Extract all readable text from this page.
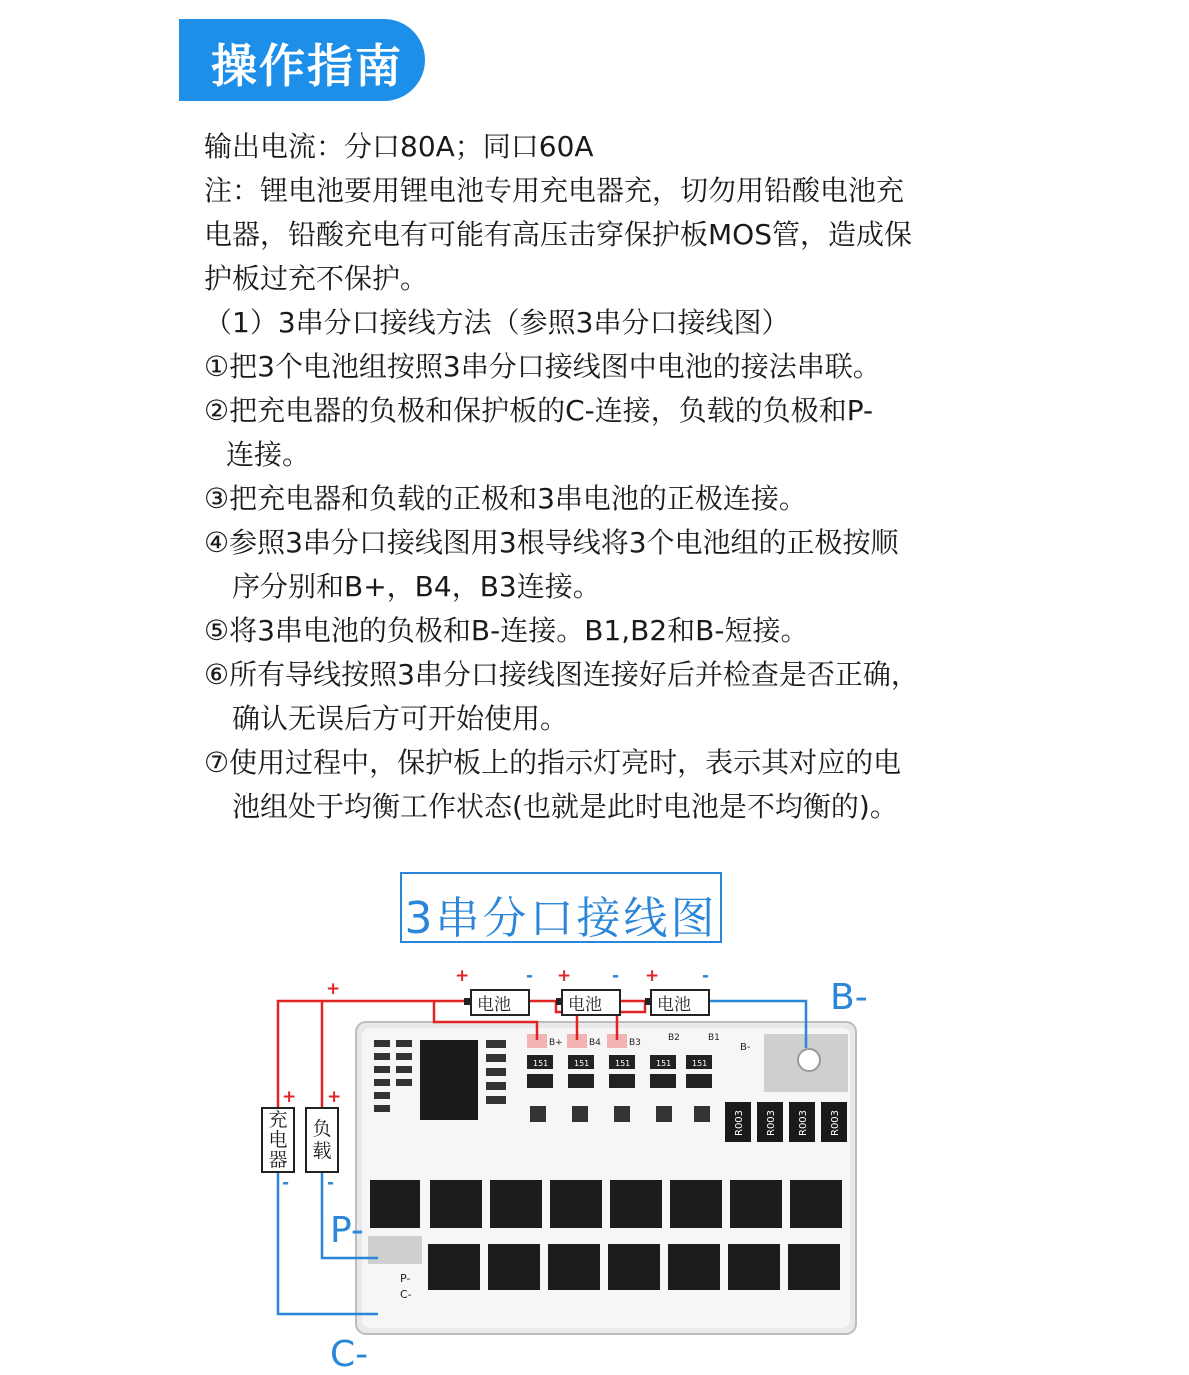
操作指南
输出电流：分口80A；同口60A
注：锂电池要用锂电池专用充电器充，切勿用铅酸电池充
电器，铅酸充电有可能有高压击穿保护板MOS管，造成保
护板过充不保护。
（1）3串分口接线方法（参照3串分口接线图）
①把3个电池组按照3串分口接线图中电池的接法串联。
②把充电器的负极和保护板的C-连接，负载的负极和P-
连接。
③把充电器和负载的正极和3串电池的正极连接。
④参照3串分口接线图用3根导线将3个电池组的正极按顺
序分别和B+，B4，B3连接。
⑤将3串电池的负极和B-连接。B1,B2和B-短接。
⑥所有导线按照3串分口接线图连接好后并检查是否正确，
确认无误后方可开始使用。
⑦使用过程中，保护板上的指示灯亮时，表示其对应的电
池组处于均衡工作状态(也就是此时电池是不均衡的)。
3串分口接线图
B+	B4	B3	B2	B1
B-
151	151	151	151	151
R003 R003 R003 R003
P-
C-
电池	电池	电池
+
+	- + - +	-
+ +
- -
B-
P-
C-
充电器
负载
